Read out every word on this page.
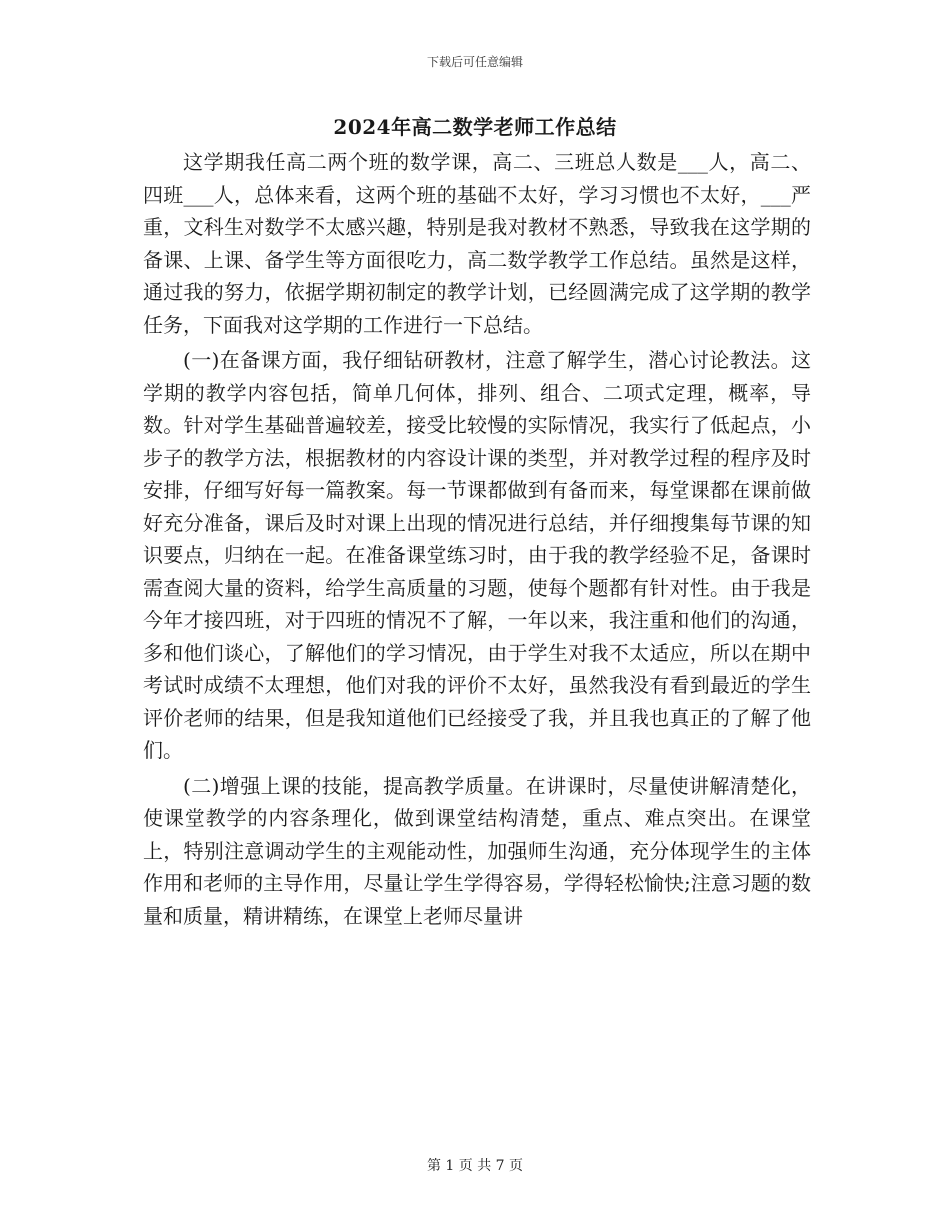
下载后可任意编辑
2024年高二数学老师工作总结

这学期我任高二两个班的数学课，高二、三班总人数是___人，高二、四班___人，总体来看，这两个班的基础不太好，学习习惯也不太好，___严重，文科生对数学不太感兴趣，特别是我对教材不熟悉，导致我在这学期的备课、上课、备学生等方面很吃力，高二数学教学工作总结。虽然是这样，通过我的努力，依据学期初制定的教学计划，已经圆满完成了这学期的教学任务，下面我对这学期的工作进行一下总结。

(一)在备课方面，我仔细钻研教材，注意了解学生，潜心讨论教法。这学期的教学内容包括，简单几何体，排列、组合、二项式定理，概率，导数。针对学生基础普遍较差，接受比较慢的实际情况，我实行了低起点，小步子的教学方法，根据教材的内容设计课的类型，并对教学过程的程序及时安排，仔细写好每一篇教案。每一节课都做到有备而来，每堂课都在课前做好充分准备，课后及时对课上出现的情况进行总结，并仔细搜集每节课的知识要点，归纳在一起。在准备课堂练习时，由于我的教学经验不足，备课时需查阅大量的资料，给学生高质量的习题，使每个题都有针对性。由于我是今年才接四班，对于四班的情况不了解，一年以来，我注重和他们的沟通，多和他们谈心，了解他们的学习情况，由于学生对我不太适应，所以在期中考试时成绩不太理想，他们对我的评价不太好，虽然我没有看到最近的学生评价老师的结果，但是我知道他们已经接受了我，并且我也真正的了解了他们。

(二)增强上课的技能，提高教学质量。在讲课时，尽量使讲解清楚化，使课堂教学的内容条理化，做到课堂结构清楚，重点、难点突出。在课堂上，特别注意调动学生的主观能动性，加强师生沟通，充分体现学生的主体作用和老师的主导作用，尽量让学生学得容易，学得轻松愉快;注意习题的数量和质量，精讲精练，在课堂上老师尽量讲

第 1 页 共 7 页
